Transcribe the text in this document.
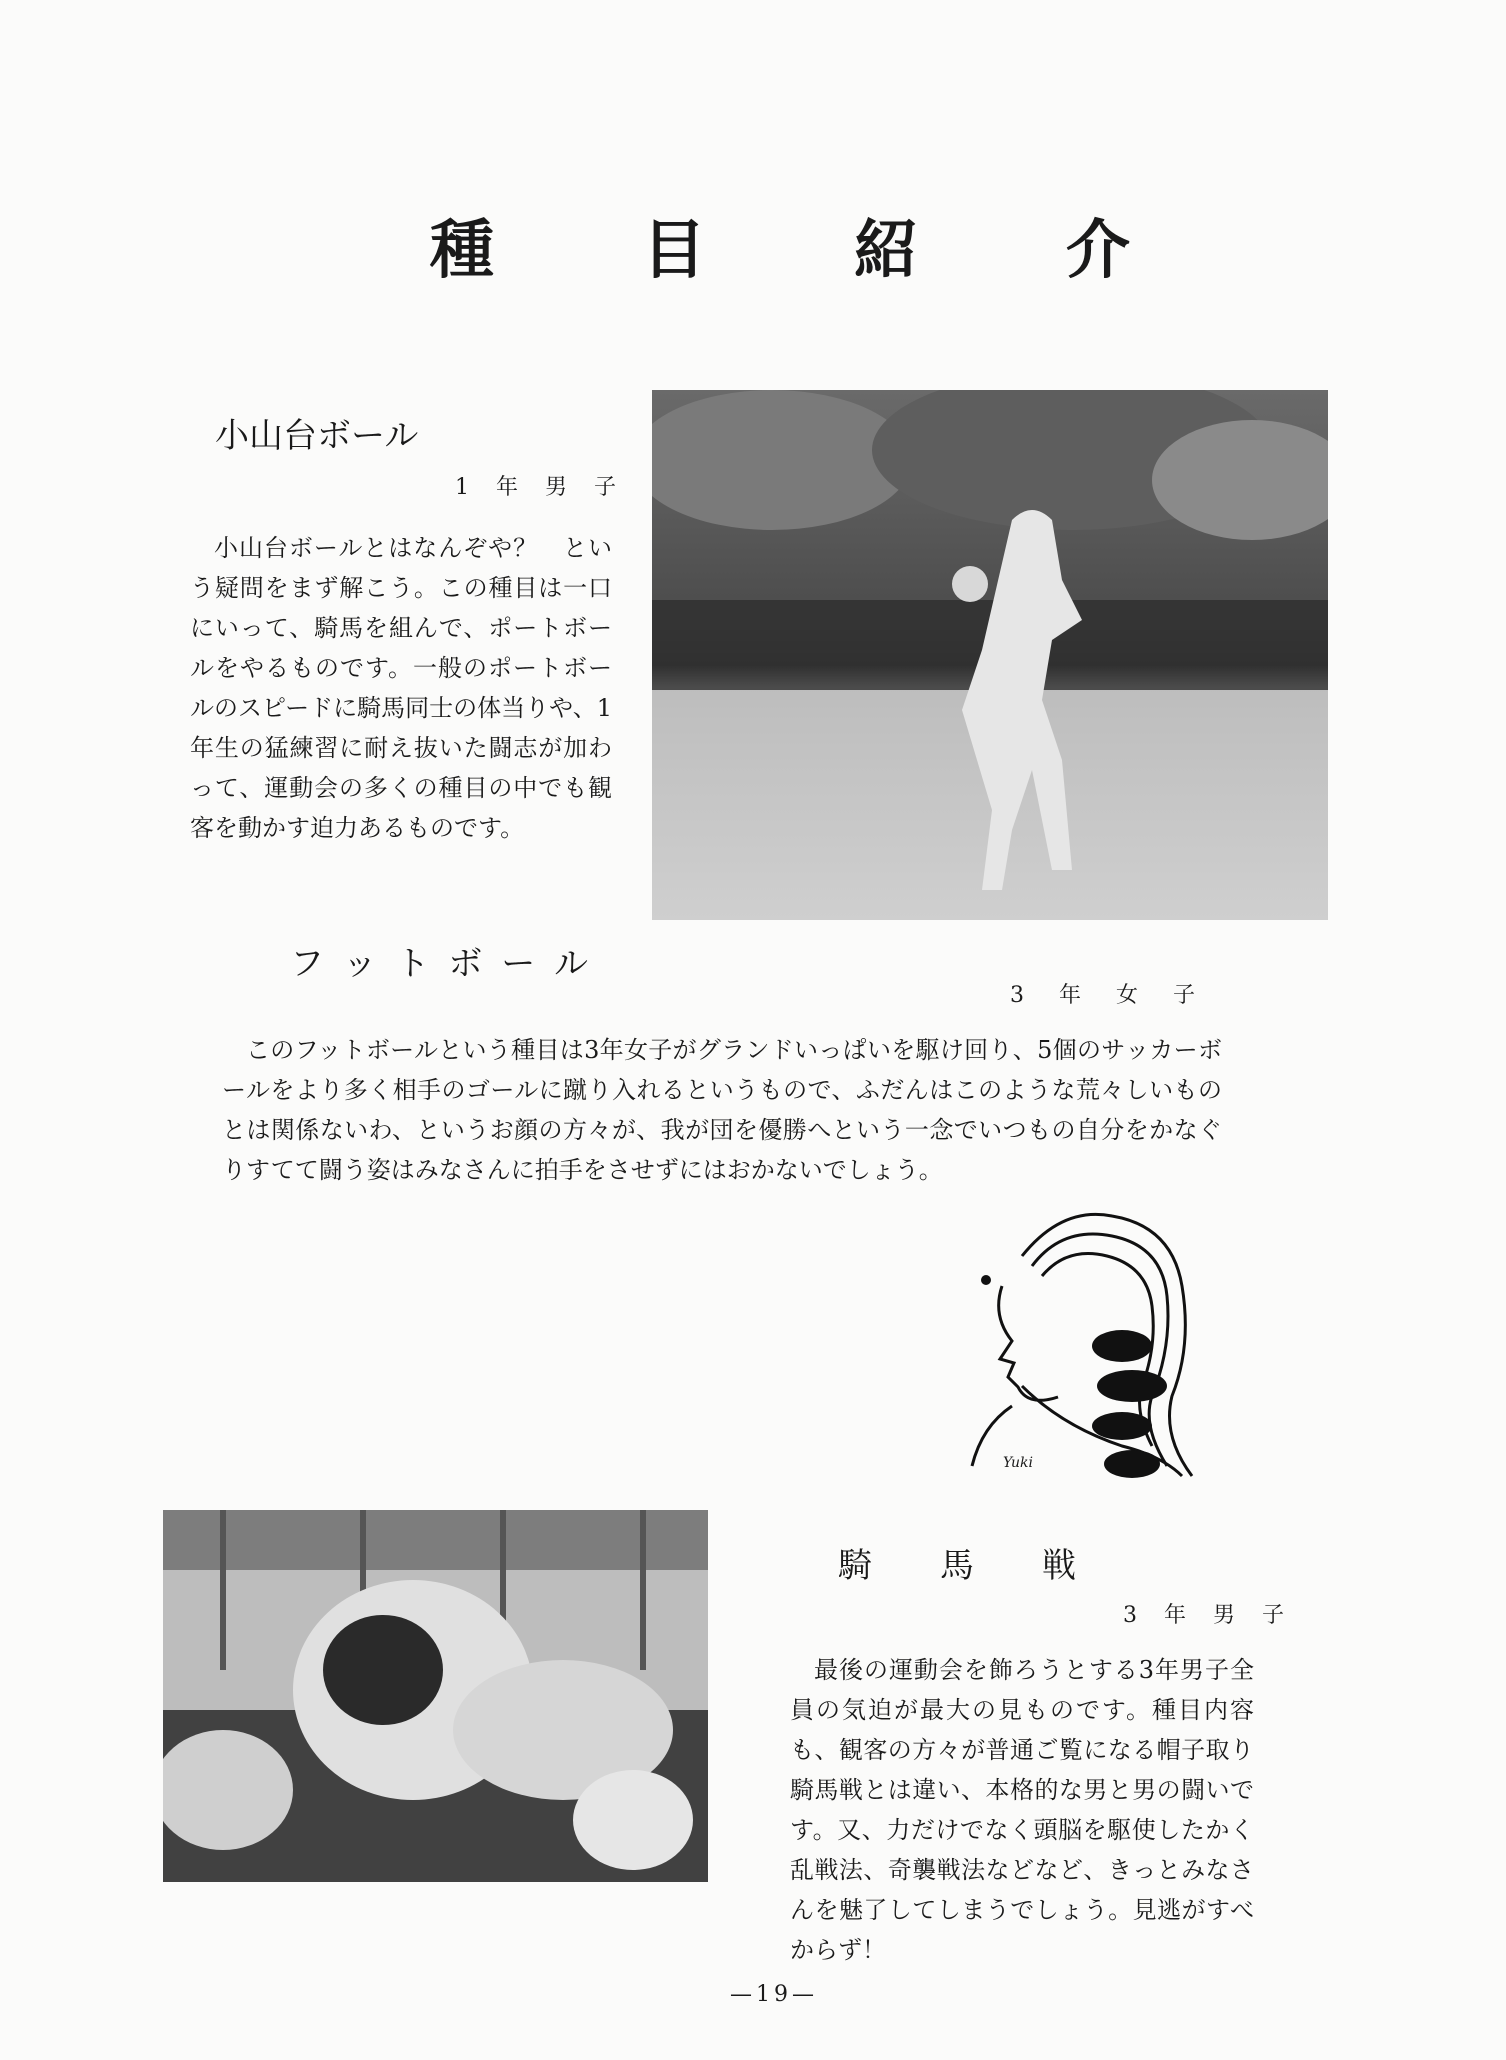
種 目 紹 介
小山台ボール
1 年 男 子
小山台ボールとはなんぞや？　という疑問をまず解こう。この種目は一口にいって、騎馬を組んで、ポートボールをやるものです。一般のポートボールのスピードに騎馬同士の体当りや、1年生の猛練習に耐え抜いた闘志が加わって、運動会の多くの種目の中でも観客を動かす迫力あるものです。
フ ッ ト ボ ー ル
3 年 女 子
このフットボールという種目は3年女子がグランドいっぱいを駆け回り、5個のサッカーボールをより多く相手のゴールに蹴り入れるというもので、ふだんはこのような荒々しいものとは関係ないわ、というお顔の方々が、我が団を優勝へという一念でいつもの自分をかなぐりすてて闘う姿はみなさんに拍手をさせずにはおかないでしょう。
Yuki
騎　　馬　　戦
3 年 男 子
最後の運動会を飾ろうとする3年男子全員の気迫が最大の見ものです。種目内容も、観客の方々が普通ご覧になる帽子取り騎馬戦とは違い、本格的な男と男の闘いです。又、力だけでなく頭脳を駆使したかく乱戦法、奇襲戦法などなど、きっとみなさんを魅了してしまうでしょう。見逃がすべからず！
—19—
